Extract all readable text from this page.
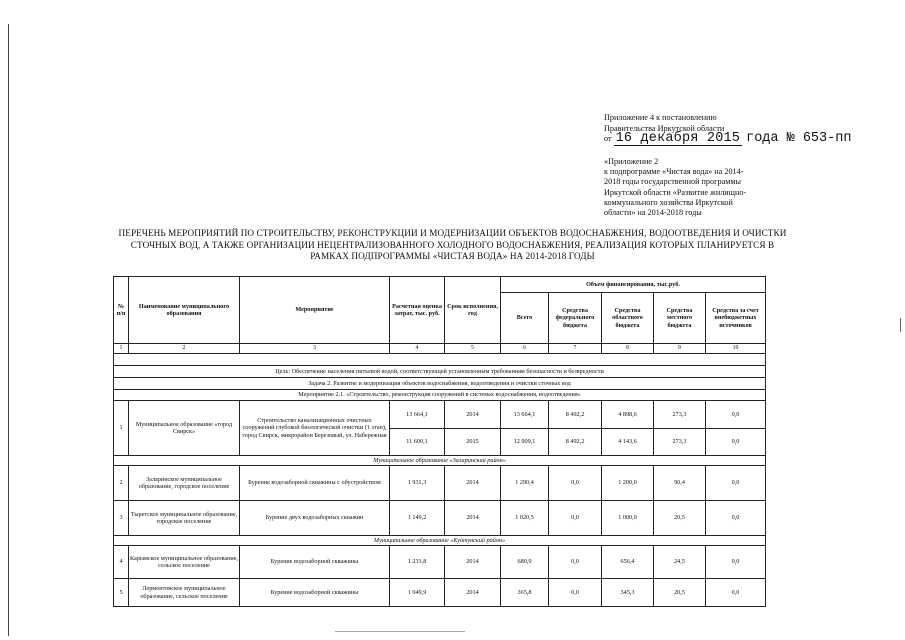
Приложение 4 к постановлению
Правительства Иркутской области
от 16 декабря 2015 года № 653-пп
«Приложение 2
к подпрограмме «Чистая вода» на 2014-
2018 годы государственной программы
Иркутской области «Развитие жилищно-
коммунального хозяйства Иркутской
области» на 2014-2018 годы
ПЕРЕЧЕНЬ МЕРОПРИЯТИЙ ПО СТРОИТЕЛЬСТВУ, РЕКОНСТРУКЦИИ И МОДЕРНИЗАЦИИ ОБЪЕКТОВ ВОДОСНАБЖЕНИЯ, ВОДООТВЕДЕНИЯ И ОЧИСТКИ
СТОЧНЫХ ВОД, А ТАКЖЕ ОРГАНИЗАЦИИ НЕЦЕНТРАЛИЗОВАННОГО ХОЛОДНОГО ВОДОСНАБЖЕНИЯ, РЕАЛИЗАЦИЯ КОТОРЫХ ПЛАНИРУЕТСЯ В
РАМКАХ ПОДПРОГРАММЫ «ЧИСТАЯ ВОДА» НА 2014-2018 ГОДЫ
№ п/п	Наименование муниципального образования	Мероприятие	Расчетная оценка затрат, тыс. руб.	Срок исполнения, год	Объем финансирования, тыс.руб.				
					Всего	Средства федерального бюджета	Средства областного бюджета	Средства местного бюджета	Средства за счет внебюджетных источников
1	2	3	4	5	6	7	8	9	10

Цель: Обеспечение населения питьевой водой, соответствующей установленным требованиям безопасности и безвредности									
Задача 2. Развитие и модернизация объектов водоснабжения, водоотведения и очистки сточных вод									
Мероприятие 2.1. «Строительство, реконструкция сооружений в системах водоснабжения, водоотведения»									
1	Муниципальное образование «город Свирск»	Строительство канализационных очистных сооружений глубокой биологической очистки (1 этап), город Свирск, микрорайон Березовый, ул. Набережная	13 664,1	2014	13 664,1	8 492,2	4 898,6	273,3	0,0
			11 600,1	2015	12 909,1	8 492,2	4 143,6	273,3	0,0
Муниципальное образование «Заларинский район»									
2	Заларинское муниципальное образование, городское поселение	Бурение водозаборной скважины с обустройством	1 931,3	2014	1 290,4	0,0	1 200,0	90,4	0,0
3	Тыретское муниципальное образование, городское поселение	Бурение двух водозаборных скважин	1 149,2	2014	1 020,5	0,0	1 000,0	20,5	0,0
Муниципальное образование «Куйтунский район»									
4	Карымское муниципальное образование, сельское поселение	Бурение водозаборной скважины	1 233,8	2014	680,9	0,0	656,4	24,5	0,0
5	Лермонтовское муниципальное образование, сельское поселение	Бурение водозаборной скважины	1 049,9	2014	365,8	0,0	345,3	20,5	0,0
